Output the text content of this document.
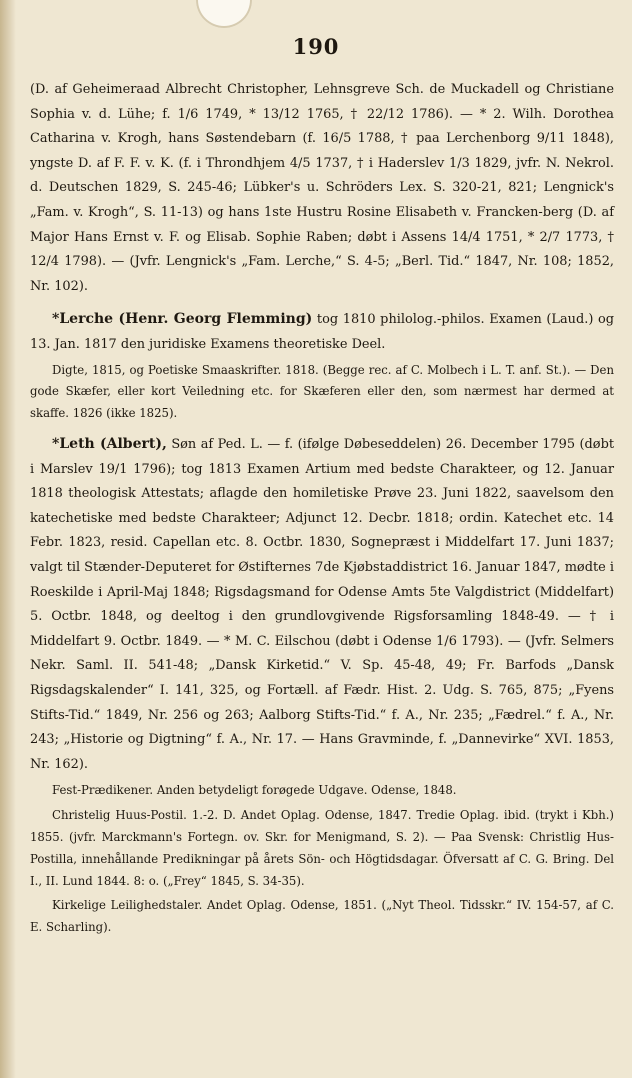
190

(D. af Geheimeraad Albrecht Christopher, Lehnsgreve Sch. de Muckadell og Christiane Sophia v. d. Lühe; f. 1/6 1749, * 13/12 1765, † 22/12 1786). — * 2. Wilh. Dorothea Catharina v. Krogh, hans Søstendebarn (f. 16/5 1788, † paa Lerchenborg 9/11 1848), yngste D. af F. F. v. K. (f. i Throndhjem 4/5 1737, † i Haderslev 1/3 1829, jvfr. N. Nekrol. d. Deutschen 1829, S. 245-46; Lübker's u. Schröders Lex. S. 320-21, 821; Lengnick's „Fam. v. Krogh“, S. 11-13) og hans 1ste Hustru Rosine Elisabeth v. Francken-berg (D. af Major Hans Ernst v. F. og Elisab. Sophie Raben; døbt i Assens 14/4 1751, * 2/7 1773, † 12/4 1798). — (Jvfr. Lengnick's „Fam. Lerche,“ S. 4-5; „Berl. Tid.“ 1847, Nr. 108; 1852, Nr. 102).

*Lerche (Henr. Georg Flemming) tog 1810 philolog.-philos. Examen (Laud.) og 13. Jan. 1817 den juridiske Examens theoretiske Deel.

Digte, 1815, og Poetiske Smaaskrifter. 1818. (Begge rec. af C. Molbech i L. T. anf. St.). — Den gode Skæfer, eller kort Veiledning etc. for Skæferen eller den, som nærmest har dermed at skaffe. 1826 (ikke 1825).

*Leth (Albert), Søn af Ped. L. — f. (ifølge Døbeseddelen) 26. December 1795 (døbt i Marslev 19/1 1796); tog 1813 Examen Artium med bedste Charakteer, og 12. Januar 1818 theologisk Attestats; aflagde den homiletiske Prøve 23. Juni 1822, saavelsom den katechetiske med bedste Charakteer; Adjunct 12. Decbr. 1818; ordin. Katechet etc. 14 Febr. 1823, resid. Capellan etc. 8. Octbr. 1830, Sognepræst i Middelfart 17. Juni 1837; valgt til Stænder-Deputeret for Østifternes 7de Kjøbstaddistrict 16. Januar 1847, mødte i Roeskilde i April-Maj 1848; Rigsdagsmand for Odense Amts 5te Valgdistrict (Middelfart) 5. Octbr. 1848, og deeltog i den grundlovgivende Rigsforsamling 1848-49. — † i Middelfart 9. Octbr. 1849. — * M. C. Eilschou (døbt i Odense 1/6 1793). — (Jvfr. Selmers Nekr. Saml. II. 541-48; „Dansk Kirketid.“ V. Sp. 45-48, 49; Fr. Barfods „Dansk Rigsdagskalender“ I. 141, 325, og Fortæll. af Fædr. Hist. 2. Udg. S. 765, 875; „Fyens Stifts-Tid.“ 1849, Nr. 256 og 263; Aalborg Stifts-Tid.“ f. A., Nr. 235; „Fædrel.“ f. A., Nr. 243; „Historie og Digtning“ f. A., Nr. 17. — Hans Gravminde, f. „Dannevirke“ XVI. 1853, Nr. 162).

Fest-Prædikener. Anden betydeligt forøgede Udgave. Odense, 1848.

Christelig Huus-Postil. 1.-2. D. Andet Oplag. Odense, 1847. Tredie Oplag. ibid. (trykt i Kbh.) 1855. (jvfr. Marckmann's Fortegn. ov. Skr. for Menigmand, S. 2). — Paa Svensk: Christlig Hus-Postilla, innehållande Predikningar på årets Sön- och Högtidsdagar. Öfversatt af C. G. Bring. Del I., II. Lund 1844. 8: o. („Frey“ 1845, S. 34-35).

Kirkelige Leilighedstaler. Andet Oplag. Odense, 1851. („Nyt Theol. Tidsskr.“ IV. 154-57, af C. E. Scharling).
